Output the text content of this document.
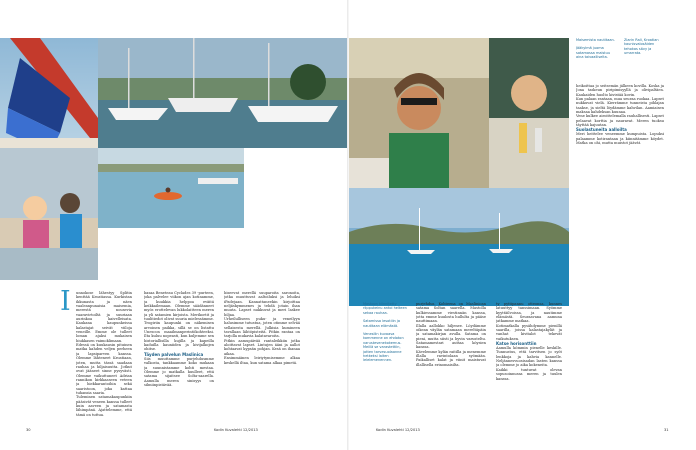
I unnokose lähestyy Splitin kenttää Kroatiassa. Kurkistan ikkunasta ja näen vaaleanpunaisia maisemia, merestä nousevia vaaravirtoiltä ja suuriaan aurinkoa kaivelleisata. Kaukana kaupunkeissa kalastajat seivät viiloja veneille. Emme ole tulleet loman ajaksi mukaisen hiukkasen vaimoklimaan.

Edessä on kuukausin pituinen matka kahden veljen perheen ja lapsiparven kanssa. Olemme lähteneet Kroatiaan, joten, mutta tässä saadaan rauhaa ja hiljaisuutta. Jotkut ovat jääneet sinne pysyvästi. Olemme vaikuttuneet Adrian rannikon kirkkaaseen veteen ja hiekkarantoihin sekä saaristoon, joka kattaa tuhansia saaria.

Tuleminen satamakaupunkiin pääsivät veneen kanssa tulleet kuin aaveen ja satamasta lähimpänä. Ajattelemme, että tämä on tuttua.

basaa Beneteau Cyclades 39 -purteen, joka palvelee viikon ajan kotinamme, ja kuukkia helppoa eväitä keikkailemaan. Olemme säädänneet myös erottelevan lukkolaitteen meren ja yli satamien kirjoista. Merikortit ja tuulitiedot olivat suuria mielessämme.

Trogiriin kaupunki on näkemisen arvoinen paikka, sillä se on listattu Unescon maailmanperintökohteeksi. Ilta kuluu nopeasti, kun kuljemme sen historiallisilla kujilla ja kapeilla kaduilla kauniiden ja kivijalkojen ohitse.

Täyden palvelun Maslinica

Siis muuttamme purjehdusmme valkosta, tankkaamme koko mukaan ja suunnistamme kohti mestaa. Olemme jo matkalla kuulleet, että satama sijaitsee Solta-saarella. Aamulla meren sinisyys on silmiinpistävää.

hiseevat merellä suuparoita saronoita, jotka muuttuvat aaltoiluksi ja leluiksi iPadejaan. Kannattaneekin kirjoittaa neljäskymmenes ja tehdä jotain ihan muuta. Lapset nukkuvat ja meri laskee hiljaa.

Urheilulliseen puku- ja veneilyyn halusimme tutustua, joten otimme selvää sellaisesta merellä. Julkisia kumineen tavallaan lähtöpisteitä. Pitkin rantaa on tarjolla mukavia kalatavaroita.

Pitkin aamupäivää rantaleikkiin jotka aloittavat lapset. Lintujen ääni ja aallot kohtaavat kypsän pohjan. Kesä on ihanaa aikaa.

Ensimmäinen leiriytymisemme alkaa keskellä iltaa, kun satama alkaa pimetä.

30	Kodin Kuvalehti 12/2013

Mastoon kiinnitetty riippukeinu antoi helteen sekaa rauhaa.

Satamissa lesotiiin ja nautitaan elämästä.

Venesilin kuvaava kommenne on ehdoton varustevenekokemus. Meillä se varastettiin, jotten tarvesuolaanne hetkeksi laiten lelelemenennen.

Maisemista nautitaan.

Jääkylmä juoma satamassa maistuu aina taivaalliselta.

Ziarin Rali, Kroatian kaunisvalosäiden tehokas sävy ja umarrata.

purjehdus. Kohteena on Maslinican satama Soltan saarella. Mastolla kulkiessamme viestinnän kanssa, jotta emme kuulosta hullulta ja pääse nauttimaan.

Illalla aallokko hiljenee. Löydämme oikean väylän satamaan mereltäpäin ja satamakirjan avulla. Satama on pieni, mutta siisti ja hyvin varusteltu. Satamamestari auttaa köysien kanssa.

Kävelemme kylän raitilla ja menemme illalla ravintolaan syömään. Paikalliset kalat ja viinit maistuvat illallisella erinomaisilta.

ty pyttipannu otteonsa, kunnes latuuttyy tanssimaan. Syömme kyyttäilvoissa, ja nautimme elämästä. Seuraavana aamuna jatkamme matkaa.

Kotimatkalla pysähdymme pienillä saarilla, joissa kalastajakylät ja vanhat kivitalot tekevät vaikutuksen.

Katse horisonttiin

Aamulla kömmin pienelle keskille. Tunnustus, että tarvitsen jo syöt lenkkoja ja kahvia kannelle. Neljännesvuosisadan lasten kanssa ja olemme jo aika kokeneita.

Kaikki tuntuvat olevan sopusoinnussa meren ja tuulen kanssa.

heikoittaa jo seitsemän jälkeen kovilla. Koska ja Jona taskeun piripimisyyllä ja olivipaltäen. Kaukaiden huolto kivistää kovin.

Kun palaan rantaan, mua seuraa ruokaa. Lapset nukkuvat vielä. Kierrämme tunneista pihlajan taakse, ja sieltä löydämme kahvilan. Aamiaisen maksaa kahdeksan kuunaa.

Vene kulkee airoittelemalla rauhallisesti. Lapset pelaavat korttia ja nauravat. Meren tuoksu täyttää kajuutan.

Suolastuneita aalloilta

Meri heittelee veneemme kumpuista. Lopuksi palaamme kotirantaan ja kiinnitämme köydet. Matka on ohi, mutta muistot jäävät.

Kodin Kuvalehti 12/2013	31
